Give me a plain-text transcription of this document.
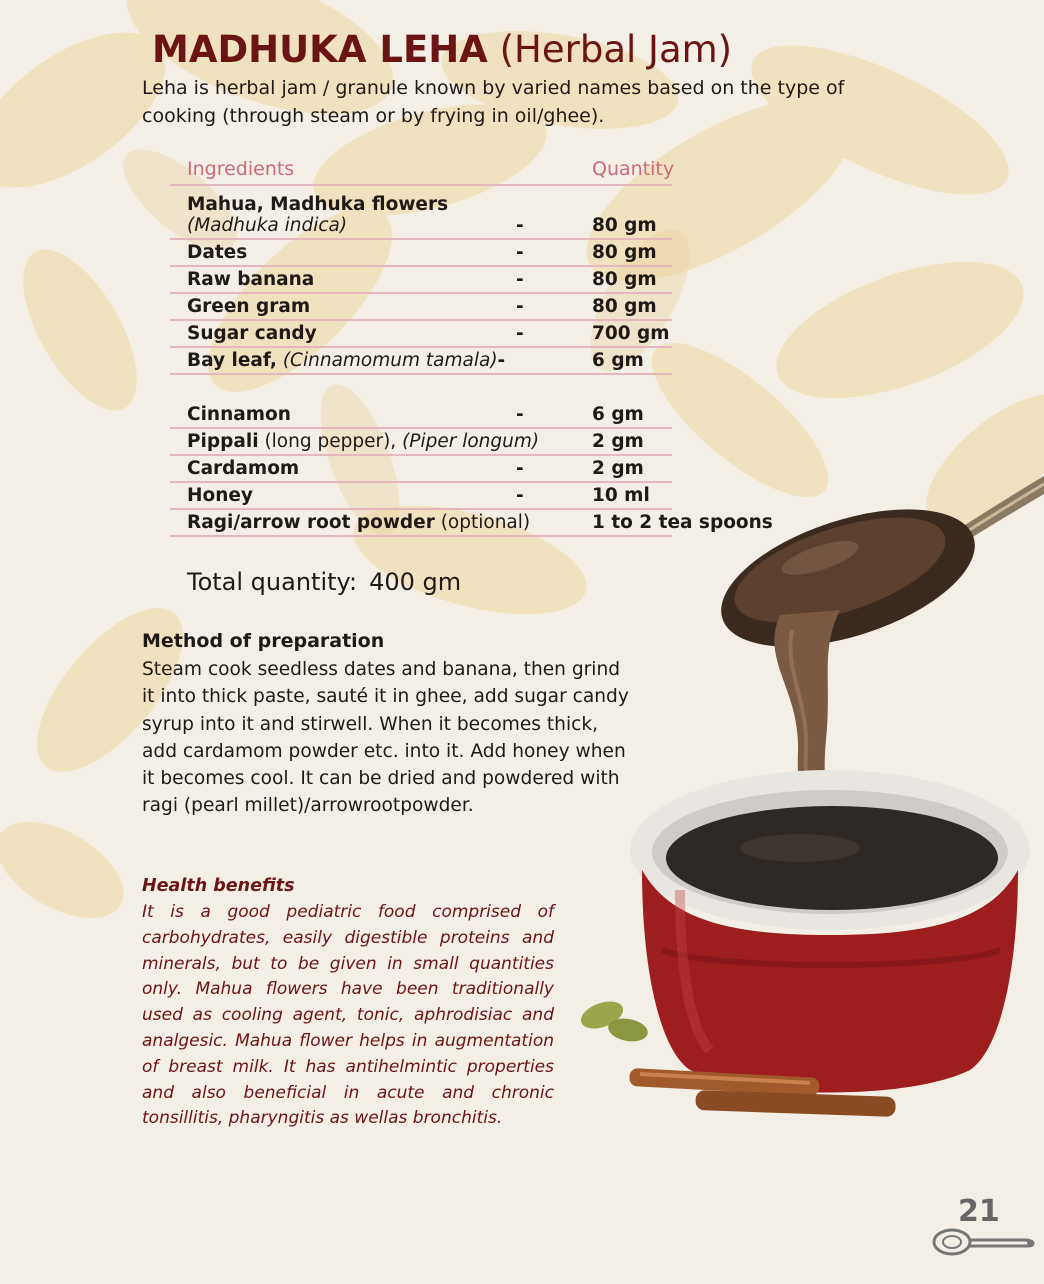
MADHUKA LEHA (Herbal Jam)

Leha is herbal jam / granule known by varied names based on the type of cooking (through steam or by frying in oil/ghee).

Ingredients	Quantity
Mahua, Madhuka flowers
(Madhuka indica)	-	80 gm
Dates	-	80 gm
Raw banana	-	80 gm
Green gram	-	80 gm
Sugar candy	-	700 gm
Bay leaf, (Cinnamomum tamala)-	6 gm
Cinnamon	-	6 gm
Pippali (long pepper), (Piper longum)	2 gm
Cardamom	-	2 gm
Honey	-	10 ml
Ragi/arrow root powder (optional)	1 to 2 tea spoons

Total quantity: 400 gm

Method of preparation

Steam cook seedless dates and banana, then grind it into thick paste, sauté it in ghee, add sugar candy syrup into it and stirwell. When it becomes thick, add cardamom powder etc. into it. Add honey when it becomes cool. It can be dried and powdered with ragi (pearl millet)/arrowrootpowder.

Health benefits

It is a good pediatric food comprised of carbohydrates, easily digestible proteins and minerals, but to be given in small quantities only. Mahua flowers have been traditionally used as cooling agent, tonic, aphrodisiac and analgesic. Mahua flower helps in augmentation of breast milk. It has antihelmintic properties and also beneficial in acute and chronic tonsillitis, pharyngitis as wellas bronchitis.

21
